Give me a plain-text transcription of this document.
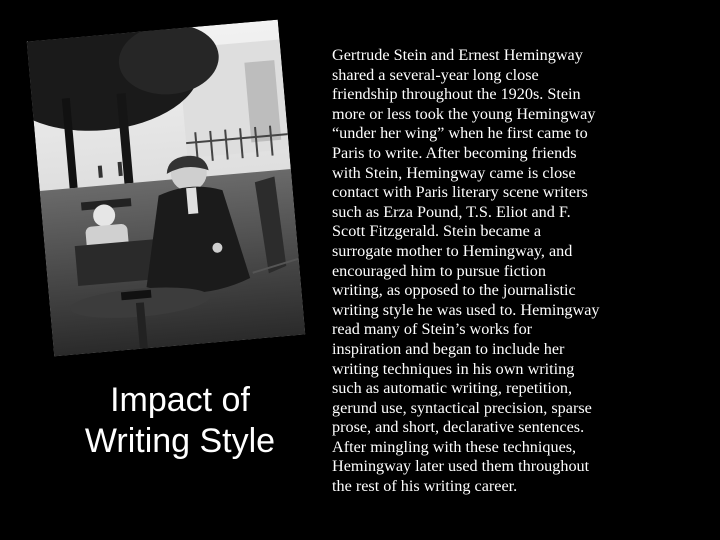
Impact of
Writing Style
Gertrude Stein and Ernest Hemingway
shared a several-year long close
friendship throughout the 1920s. Stein
more or less took the young Hemingway
“under her wing” when he first came to
Paris to write. After becoming friends
with Stein, Hemingway came is close
contact with Paris literary scene writers
such as Erza Pound, T.S. Eliot and F.
Scott Fitzgerald. Stein became a
surrogate mother to Hemingway, and
encouraged him to pursue fiction
writing, as opposed to the journalistic
writing style he was used to. Hemingway
read many of Stein’s works for
inspiration and began to include her
writing techniques in his own writing
such as automatic writing, repetition,
gerund use, syntactical precision, sparse
prose, and short, declarative sentences.
After mingling with these techniques,
Hemingway later used them throughout
the rest of his writing career.
